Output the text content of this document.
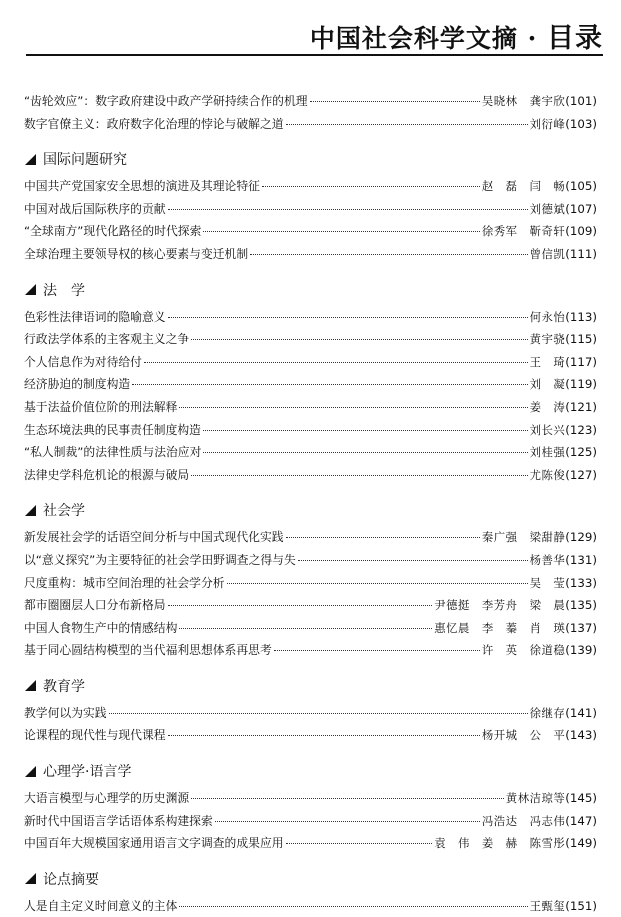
中国社会科学文摘 · 目录
“齿轮效应”：数字政府建设中政产学研持续合作的机理	吴晓林 龚宇欣 (101)
数字官僚主义：政府数字化治理的悖论与破解之道	刘衍峰 (103)
国际问题研究
中国共产党国家安全思想的演进及其理论特征	赵　磊 闫　畅 (105)
中国对战后国际秩序的贡献	刘德斌 (107)
“全球南方”现代化路径的时代探索	徐秀军 靳奇轩 (109)
全球治理主要领导权的核心要素与变迁机制	曾信凯 (111)
法　学
色彩性法律语词的隐喻意义	何永怡 (113)
行政法学体系的主客观主义之争	黄宇骁 (115)
个人信息作为对待给付	王　琦 (117)
经济胁迫的制度构造	刘　凝 (119)
基于法益价值位阶的刑法解释	姜　涛 (121)
生态环境法典的民事责任制度构造	刘长兴 (123)
“私人制裁”的法律性质与法治应对	刘桂强 (125)
法律史学科危机论的根源与破局	尤陈俊 (127)
社会学
新发展社会学的话语空间分析与中国式现代化实践	秦广强 梁甜静 (129)
以“意义探究”为主要特征的社会学田野调查之得与失	杨善华 (131)
尺度重构：城市空间治理的社会学分析	吴　莹 (133)
都市圈圈层人口分布新格局	尹德挺 李芳舟 梁　晨 (135)
中国人食物生产中的情感结构	惠忆晨 李　蓁 肖　瑛 (137)
基于同心圆结构模型的当代福利思想体系再思考	许　英 徐道稳 (139)
教育学
教学何以为实践	徐继存 (141)
论课程的现代性与现代课程	杨开城 公　平 (143)
心理学·语言学
大语言模型与心理学的历史渊源	黄林洁琼等 (145)
新时代中国语言学话语体系构建探索	冯浩达 冯志伟 (147)
中国百年大规模国家通用语言文字调查的成果应用	袁　伟 姜　赫 陈雪彤 (149)
论点摘要
人是自主定义时间意义的主体	王甄玺 (151)
